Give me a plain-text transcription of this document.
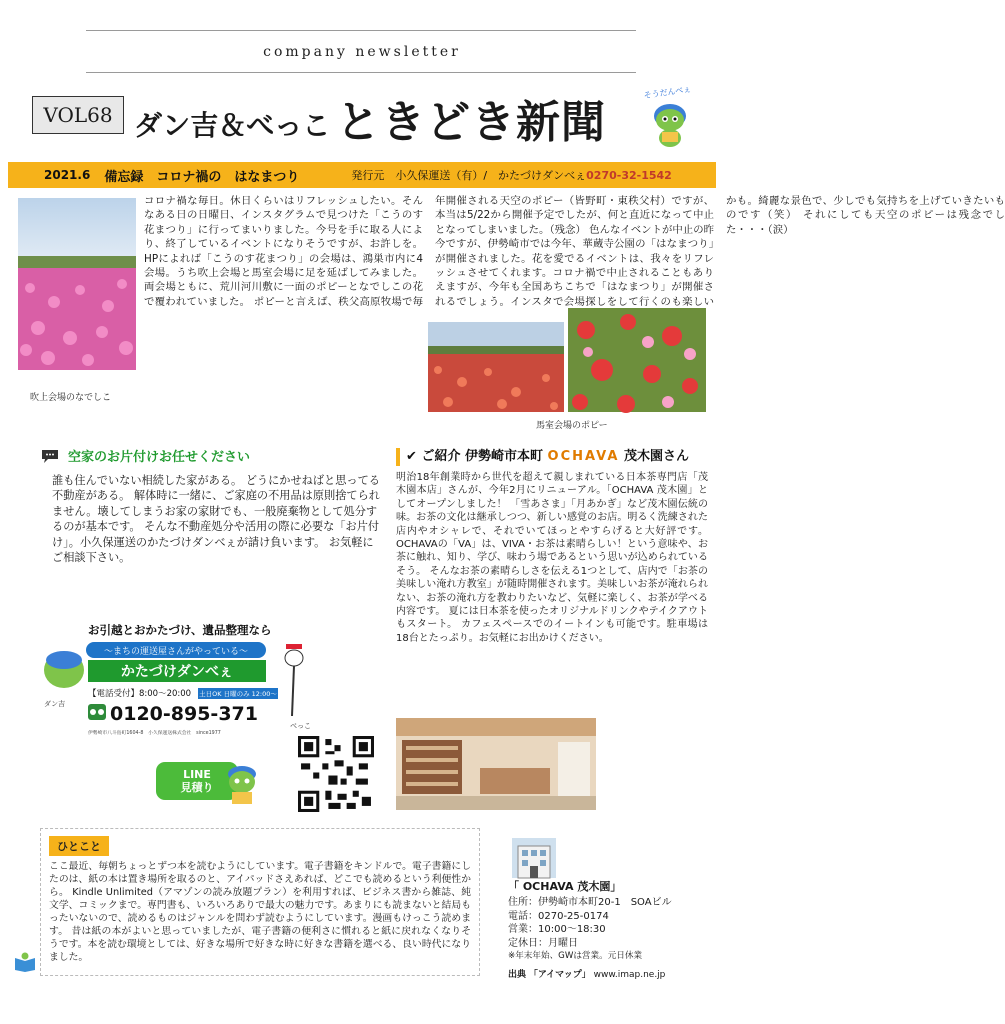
company newsletter
VOL68 ダン吉＆べっこ ときどき新聞
そうだんべぇ
2021.6 備忘録　コロナ禍の　はなまつり	発行元　小久保運送（有）/　かたづけダンべぇ 0270-32-1542
吹上会場のなでしこ
コロナ禍な毎日。休日くらいはリフレッシュしたい。そんなある日の日曜日、インスタグラムで見つけた「こうのす花まつり」に行ってまいりました。今号を手に取る人により、終了しているイベントになりそうですが、お許しを。 HPによれば「こうのす花まつり」の会場は、鴻巣市内に4会場。うち吹上会場と馬室会場に足を延ばしてみました。両会場ともに、荒川河川敷に一面のポピーとなでしこの花で覆われていました。 ポピーと言えば、秩父高原牧場で毎年開催される天空のポピー（皆野町・東秩父村）ですが、本当は5/22から開催予定でしたが、何と直近になって中止となってしまいました。（残念） 色んなイベントが中止の昨今ですが、伊勢崎市では今年、華蔵寺公園の「はなまつり」が開催されました。花を愛でるイベントは、我々をリフレッシュさせてくれます。コロナ禍で中止されることもありえますが、今年も全国あちこちで「はなまつり」が開催されるでしょう。インスタで会場探しをして行くのも楽しいかも。綺麗な景色で、少しでも気持ちを上げていきたいものです（笑） それにしても天空のポピーは残念でした・・・（涙）
馬室会場のポピー
空家のお片付けお任せください
誰も住んでいない相続した家がある。 どうにかせねばと思ってる不動産がある。 解体時に一緒に、ご家庭の不用品は原則捨てられません。壊してしまうお家の家財でも、一般廃棄物として処分するのが基本です。 そんな不動産処分や活用の際に必要な「お片付け」。小久保運送のかたづけダンべぇが請け負います。 お気軽にご相談下さい。
お引越とおかたづけ、遺品整理なら
〜まちの運送屋さんがやっている〜
かたづけダンべぇ
ダン吉
べっこ
【電話受付】8:00〜20:00 土日OK 日曜のみ 12:00〜
0120-895-371
伊勢崎市八斗島町1604-8　小久保運送株式会社　since1977
LINE
見積り
✔ ご紹介 伊勢崎市本町 OCHAVA 茂木園さん
明治18年創業時から世代を超えて親しまれている日本茶専門店「茂木園本店」さんが、今年2月にリニューアル。「OCHAVA 茂木園」としてオープンしました！ 「雪あさま」「月あかぎ」など茂木園伝統の味。お茶の文化は継承しつつ、新しい感覚のお店。明るく洗練された店内やオシャレで、それでいてほっとやすらげると大好評です。 OCHAVAの「VA」は、VIVA・お茶は素晴らしい！という意味や、お茶に触れ、知り、学び、味わう場であるという思いが込められているそう。 そんなお茶の素晴らしさを伝える1つとして、店内で「お茶の美味しい淹れ方教室」が随時開催されます。美味しいお茶が淹れられない、お茶の淹れ方を教わりたいなど、気軽に楽しく、お茶が学べる内容です。 夏には日本茶を使ったオリジナルドリンクやテイクアウトもスタート。 カフェスペースでのイートインも可能です。駐車場は18台とたっぷり。お気軽にお出かけください。
ひとこと
ここ最近、毎朝ちょっとずつ本を読むようにしています。電子書籍をキンドルで。電子書籍にしたのは、紙の本は置き場所を取るのと、アイパッドさえあれば、どこでも読めるという利便性から。 Kindle Unlimited（アマゾンの読み放題プラン）を利用すれば、ビジネス書から雑誌、純文学、コミックまで。専門書も、いろいろありで最大の魅力です。あまりにも読まないと結局もったいないので、読めるものはジャンルを問わず読むようにしています。漫画もけっこう読めます。 昔は紙の本がよいと思っていましたが、電子書籍の便利さに慣れると紙に戻れなくなりそうです。本を読む環境としては、好きな場所で好きな時に好きな書籍を選べる、良い時代になりました。
「 OCHAVA 茂木園」
住所：伊勢崎市本町20-1　SOAビル
電話：0270-25-0174
営業：10:00〜18:30
定休日：月曜日
※年末年始、GWは営業。元日休業
出典 「アイマップ」 www.imap.ne.jp
